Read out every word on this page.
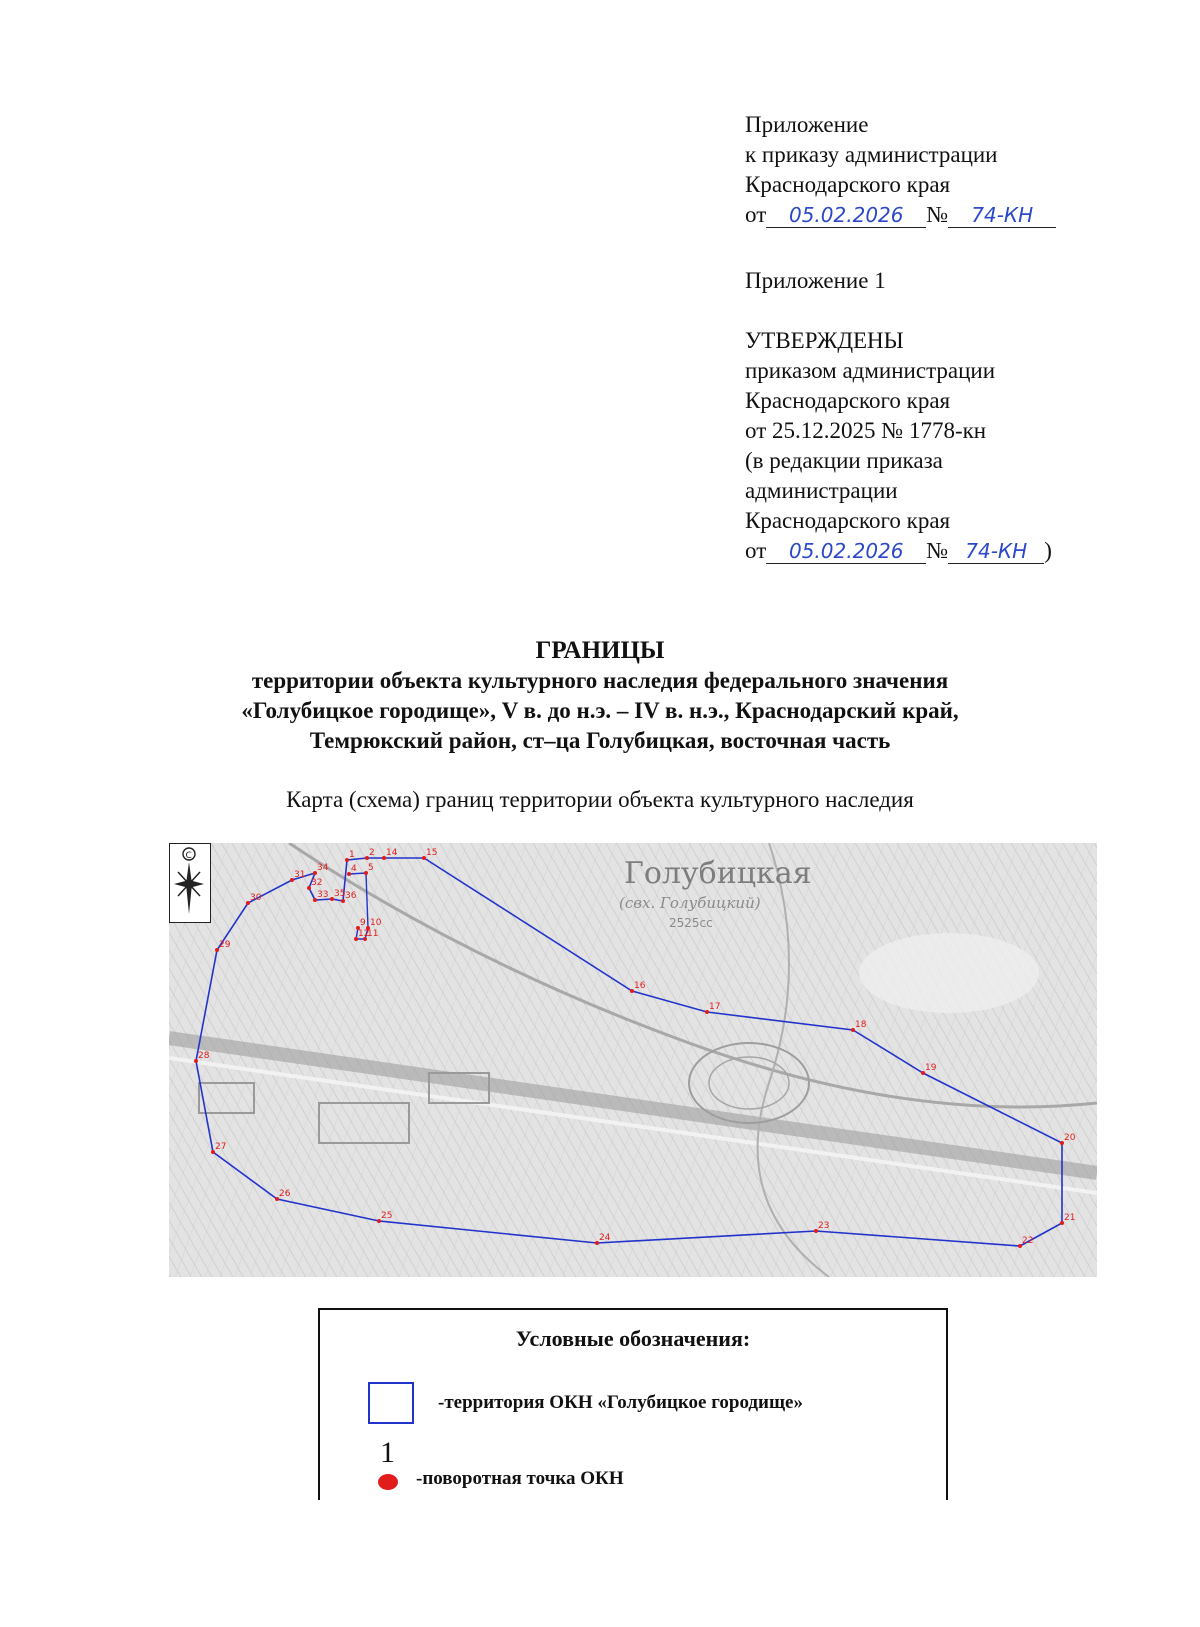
Приложение
к приказу администрации
Краснодарского края
от 05.02.2026 № 74-КН
Приложение 1
УТВЕРЖДЕНЫ
приказом администрации
Краснодарского края
от 25.12.2025 № 1778-кн
(в редакции приказа
администрации
Краснодарского края
от 05.02.2026 № 74-КН )
ГРАНИЦЫ
территории объекта культурного наследия федерального значения
«Голубицкое городище», V в. до н.э. – IV в. н.э., Краснодарский край,
Темрюкский район, ст–ца Голубицкая, восточная часть
Карта (схема) границ территории объекта культурного наследия
Голубицкая
(свх. Голубицкий)
2525сс
1 2 14	15
16
17
18
19
20
21
22
23
24
25
26
27
28
29
30
31
32
33
34
35 36
4 5
9 10
11
12
С
Условные обозначения:
-территория ОКН «Голубицкое городище»
1
-поворотная точка ОКН
